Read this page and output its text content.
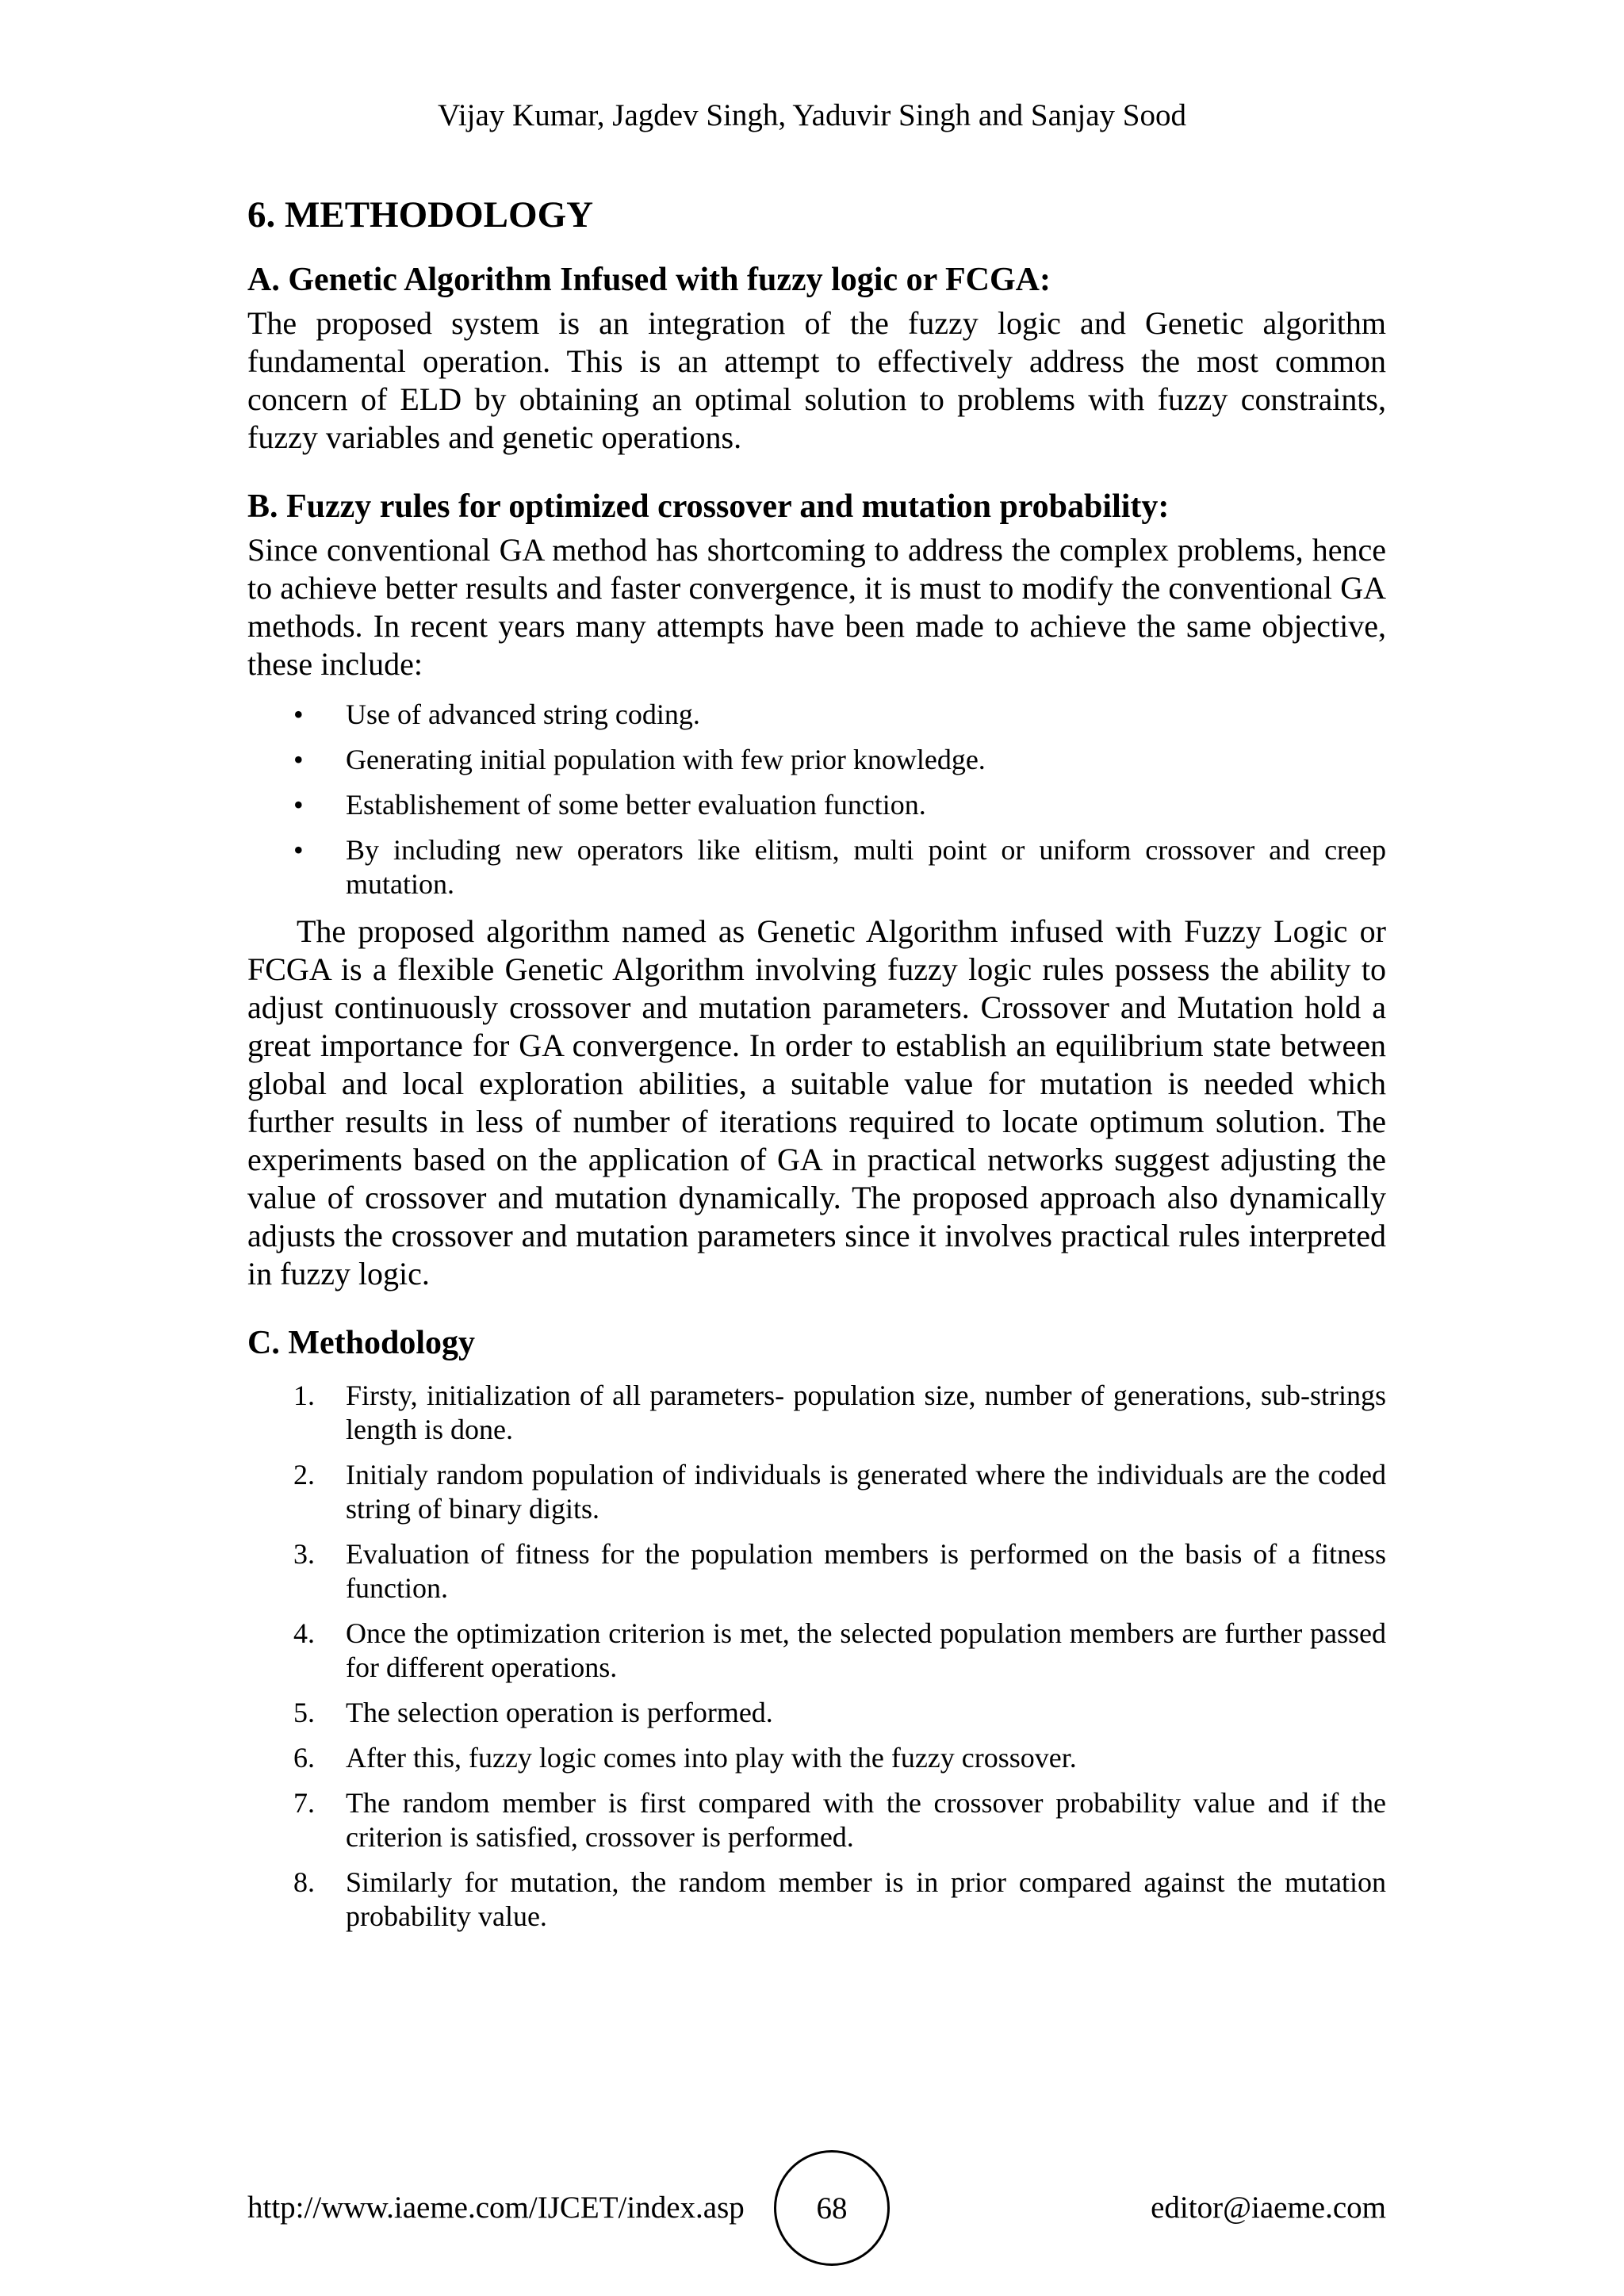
Vijay Kumar, Jagdev Singh, Yaduvir Singh and Sanjay Sood
6. METHODOLOGY
A. Genetic Algorithm Infused with fuzzy logic or FCGA:

The proposed system is an integration of the fuzzy logic and Genetic algorithm fundamental operation. This is an attempt to effectively address the most common concern of ELD by obtaining an optimal solution to problems with fuzzy constraints, fuzzy variables and genetic operations.

B. Fuzzy rules for optimized crossover and mutation probability:

Since conventional GA method has shortcoming to address the complex problems, hence to achieve better results and faster convergence, it is must to modify the conventional GA methods. In recent years many attempts have been made to achieve the same objective, these include:

• Use of advanced string coding.
• Generating initial population with few prior knowledge.
• Establishement of some better evaluation function.
• By including new operators like elitism, multi point or uniform crossover and creep mutation.

The proposed algorithm named as Genetic Algorithm infused with Fuzzy Logic or FCGA is a flexible Genetic Algorithm involving fuzzy logic rules possess the ability to adjust continuously crossover and mutation parameters. Crossover and Mutation hold a great importance for GA convergence. In order to establish an equilibrium state between global and local exploration abilities, a suitable value for mutation is needed which further results in less of number of iterations required to locate optimum solution. The experiments based on the application of GA in practical networks suggest adjusting the value of crossover and mutation dynamically. The proposed approach also dynamically adjusts the crossover and mutation parameters since it involves practical rules interpreted in fuzzy logic.

C. Methodology
1. Firsty, initialization of all parameters- population size, number of generations, sub-strings length is done.
2. Initialy random population of individuals is generated where the individuals are the coded string of binary digits.
3. Evaluation of fitness for the population members is performed on the basis of a fitness function.
4. Once the optimization criterion is met, the selected population members are further passed for different operations.
5. The selection operation is performed.
6. After this, fuzzy logic comes into play with the fuzzy crossover.
7. The random member is first compared with the crossover probability value and if the criterion is satisfied, crossover is performed.
8. Similarly for mutation, the random member is in prior compared against the mutation probability value.
http://www.iaeme.com/IJCET/index.asp 68	editor@iaeme.com
